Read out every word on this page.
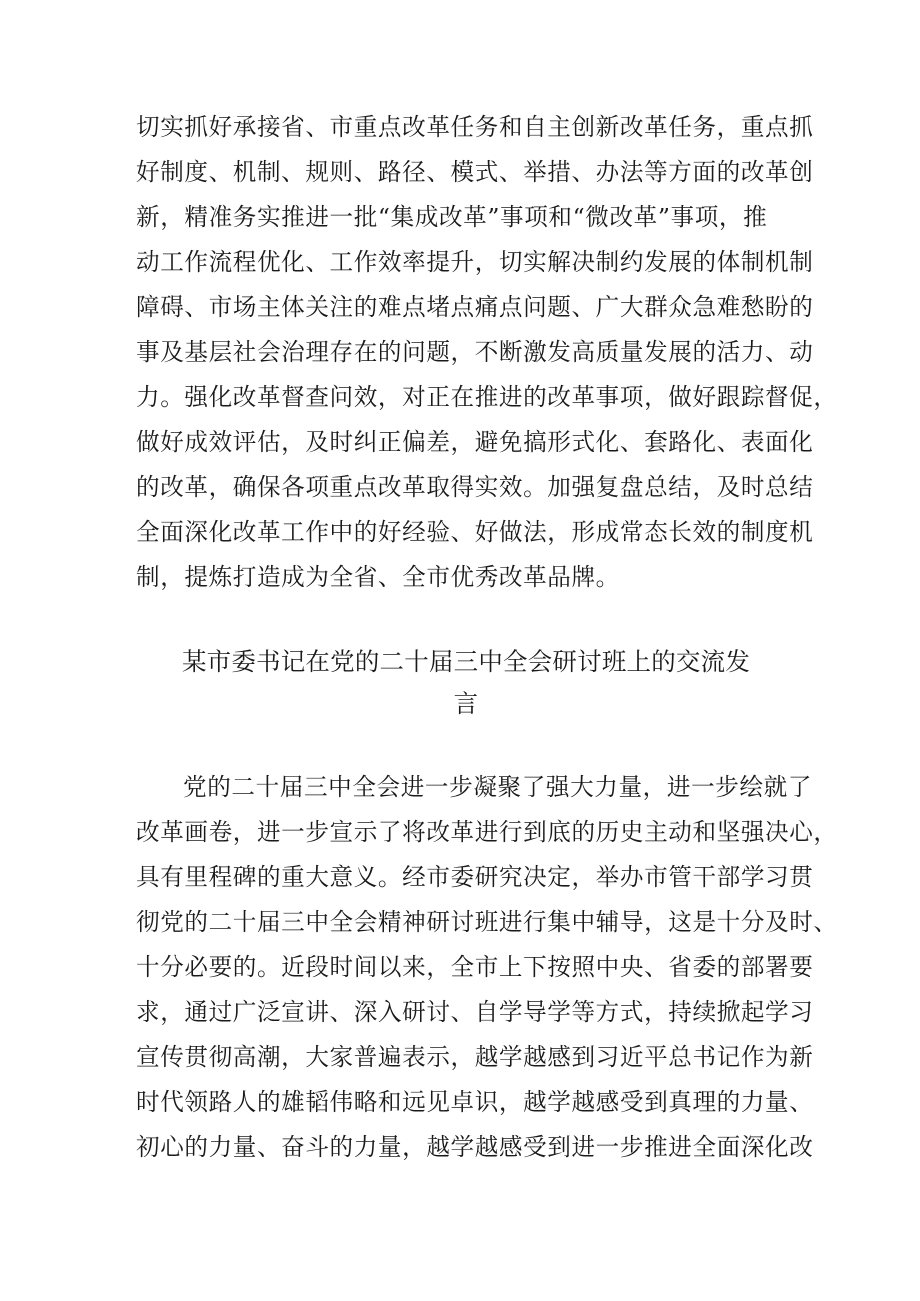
切实抓好承接省、市重点改革任务和自主创新改革任务，重点抓
好制度、机制、规则、路径、模式、举措、办法等方面的改革创
新，精准务实推进一批“集成改革”事项和“微改革”事项，推
动工作流程优化、工作效率提升，切实解决制约发展的体制机制
障碍、市场主体关注的难点堵点痛点问题、广大群众急难愁盼的
事及基层社会治理存在的问题，不断激发高质量发展的活力、动
力。强化改革督查问效，对正在推进的改革事项，做好跟踪督促，
做好成效评估，及时纠正偏差，避免搞形式化、套路化、表面化
的改革，确保各项重点改革取得实效。加强复盘总结，及时总结
全面深化改革工作中的好经验、好做法，形成常态长效的制度机
制，提炼打造成为全省、全市优秀改革品牌。
某市委书记在党的二十届三中全会研讨班上的交流发
言
党的二十届三中全会进一步凝聚了强大力量，进一步绘就了
改革画卷，进一步宣示了将改革进行到底的历史主动和坚强决心，
具有里程碑的重大意义。经市委研究决定，举办市管干部学习贯
彻党的二十届三中全会精神研讨班进行集中辅导，这是十分及时、
十分必要的。近段时间以来，全市上下按照中央、省委的部署要
求，通过广泛宣讲、深入研讨、自学导学等方式，持续掀起学习
宣传贯彻高潮，大家普遍表示，越学越感到习近平总书记作为新
时代领路人的雄韬伟略和远见卓识，越学越感受到真理的力量、
初心的力量、奋斗的力量，越学越感受到进一步推进全面深化改
